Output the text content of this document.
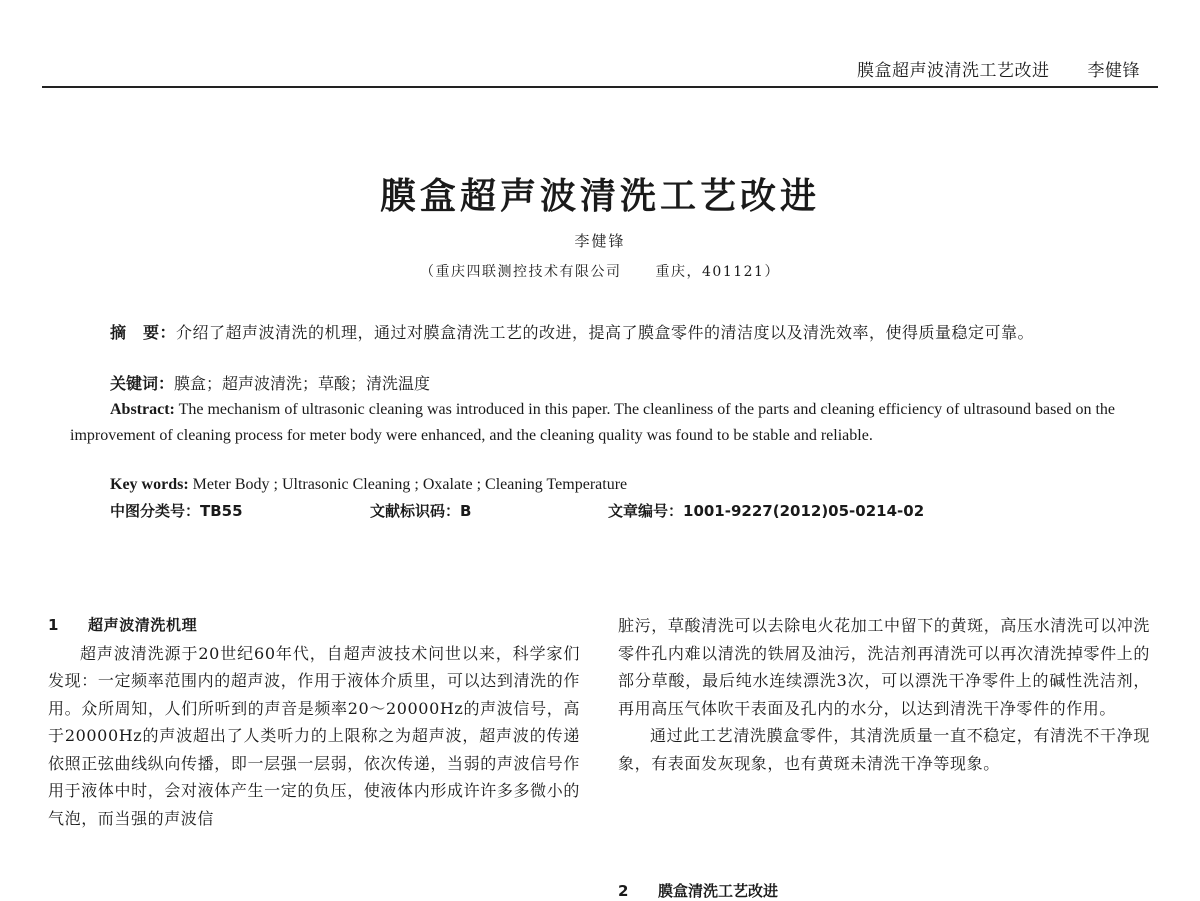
膜盒超声波清洗工艺改进 李健锋
膜盒超声波清洗工艺改进
李健锋
（重庆四联测控技术有限公司 重庆，401121）
摘　要：介绍了超声波清洗的机理，通过对膜盒清洗工艺的改进，提高了膜盒零件的清洁度以及清洗效率，使得质量稳定可靠。
关键词：膜盒；超声波清洗；草酸；清洗温度
Abstract: The mechanism of ultrasonic cleaning was introduced in this paper. The cleanliness of the parts and cleaning efficiency of ultrasound based on the improvement of cleaning process for meter body were enhanced, and the cleaning quality was found to be stable and reliable.
Key words: Meter Body ; Ultrasonic Cleaning ; Oxalate ; Cleaning Temperature
中图分类号：TB55	文献标识码：B	文章编号：1001-9227(2012)05-0214-02
1 超声波清洗机理

超声波清洗源于20世纪60年代，自超声波技术问世以来，科学家们发现：一定频率范围内的超声波，作用于液体介质里，可以达到清洗的作用。众所周知，人们所听到的声音是频率20～20000Hz的声波信号，高于20000Hz的声波超出了人类听力的上限称之为超声波，超声波的传递依照正弦曲线纵向传播，即一层强一层弱，依次传递，当弱的声波信号作用于液体中时，会对液体产生一定的负压，使液体内形成许许多多微小的气泡，而当强的声波信

脏污，草酸清洗可以去除电火花加工中留下的黄斑，高压水清洗可以冲洗零件孔内难以清洗的铁屑及油污，洗洁剂再清洗可以再次清洗掉零件上的部分草酸，最后纯水连续漂洗3次，可以漂洗干净零件上的碱性洗洁剂，再用高压气体吹干表面及孔内的水分，以达到清洗干净零件的作用。

通过此工艺清洗膜盒零件，其清洗质量一直不稳定，有清洗不干净现象，有表面发灰现象，也有黄斑未清洗干净等现象。

2 膜盒清洗工艺改进
